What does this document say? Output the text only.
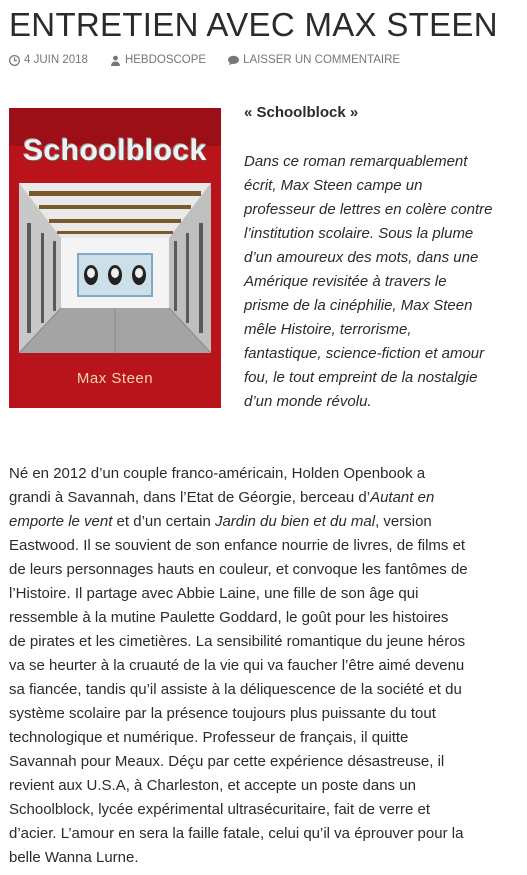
ENTRETIEN AVEC MAX STEEN
4 JUIN 2018	HEBDOSCOPE	LAISSER UN COMMENTAIRE
Schoolblock
Max Steen
« Schoolblock »
Dans ce roman remarquablement
écrit, Max Steen campe un
professeur de lettres en colère contre
l’institution scolaire. Sous la plume
d’un amoureux des mots, dans une
Amérique revisitée à travers le
prisme de la cinéphilie, Max Steen
mêle Histoire, terrorisme,
fantastique, science-fiction et amour
fou, le tout empreint de la nostalgie
d’un monde révolu.
Né en 2012 d’un couple franco-américain, Holden Openbook a
grandi à Savannah, dans l’Etat de Géorgie, berceau d’Autant en
emporte le vent et d’un certain Jardin du bien et du mal, version
Eastwood. Il se souvient de son enfance nourrie de livres, de films et
de leurs personnages hauts en couleur, et convoque les fantômes de
l’Histoire. Il partage avec Abbie Laine, une fille de son âge qui
ressemble à la mutine Paulette Goddard, le goût pour les histoires
de pirates et les cimetières. La sensibilité romantique du jeune héros
va se heurter à la cruauté de la vie qui va faucher l’être aimé devenu
sa fiancée, tandis qu’il assiste à la déliquescence de la société et du
système scolaire par la présence toujours plus puissante du tout
technologique et numérique. Professeur de français, il quitte
Savannah pour Meaux. Déçu par cette expérience désastreuse, il
revient aux U.S.A, à Charleston, et accepte un poste dans un
Schoolblock, lycée expérimental ultrasécuritaire, fait de verre et
d’acier. L’amour en sera la faille fatale, celui qu’il va éprouver pour la
belle Wanna Lurne.
